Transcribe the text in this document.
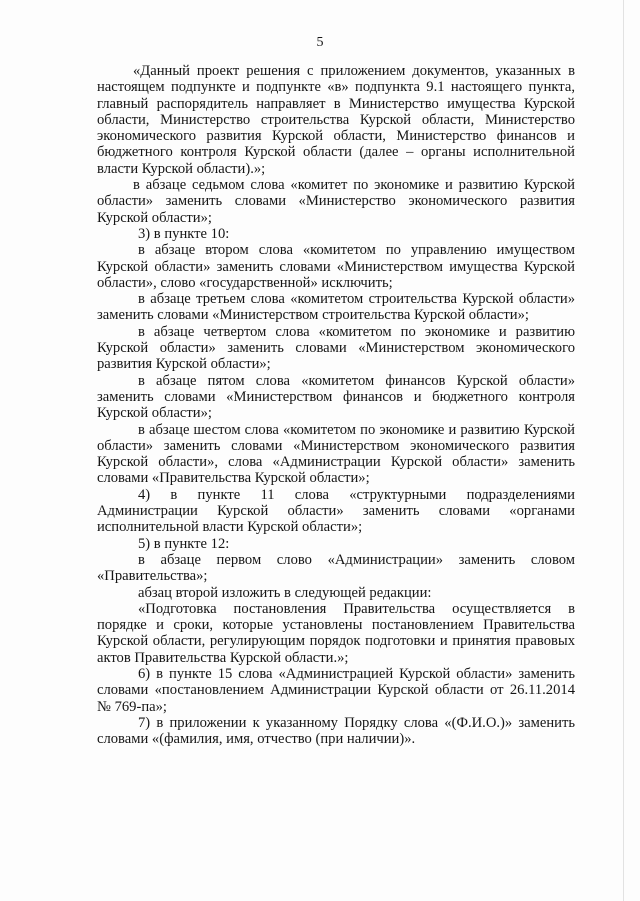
5

«Данный проект решения с приложением документов, указанных в настоящем подпункте и подпункте «в» подпункта 9.1 настоящего пункта, главный распорядитель направляет в Министерство имущества Курской области, Министерство строительства Курской области, Министерство экономического развития Курской области, Министерство финансов и бюджетного контроля Курской области (далее – органы исполнительной власти Курской области).»;

в абзаце седьмом слова «комитет по экономике и развитию Курской области» заменить словами «Министерство экономического развития Курской области»;

3) в пункте 10:

в абзаце втором слова «комитетом по управлению имуществом Курской области» заменить словами «Министерством имущества Курской области», слово «государственной» исключить;

в абзаце третьем слова «комитетом строительства Курской области» заменить словами «Министерством строительства Курской области»;

в абзаце четвертом слова «комитетом по экономике и развитию Курской области» заменить словами «Министерством экономического развития Курской области»;

в абзаце пятом слова «комитетом финансов Курской области» заменить словами «Министерством финансов и бюджетного контроля Курской области»;

в абзаце шестом слова «комитетом по экономике и развитию Курской области» заменить словами «Министерством экономического развития Курской области», слова «Администрации Курской области» заменить словами «Правительства Курской области»;

4) в пункте 11 слова «структурными подразделениями Администрации Курской области» заменить словами «органами исполнительной власти Курской области»;

5) в пункте 12:

в абзаце первом слово «Администрации» заменить словом «Правительства»;

абзац второй изложить в следующей редакции:

«Подготовка постановления Правительства осуществляется в порядке и сроки, которые установлены постановлением Правительства Курской области, регулирующим порядок подготовки и принятия правовых актов Правительства Курской области.»;

6) в пункте 15 слова «Администрацией Курской области» заменить словами «постановлением Администрации Курской области от 26.11.2014 № 769-па»;

7) в приложении к указанному Порядку слова «(Ф.И.О.)» заменить словами «(фамилия, имя, отчество (при наличии)».
